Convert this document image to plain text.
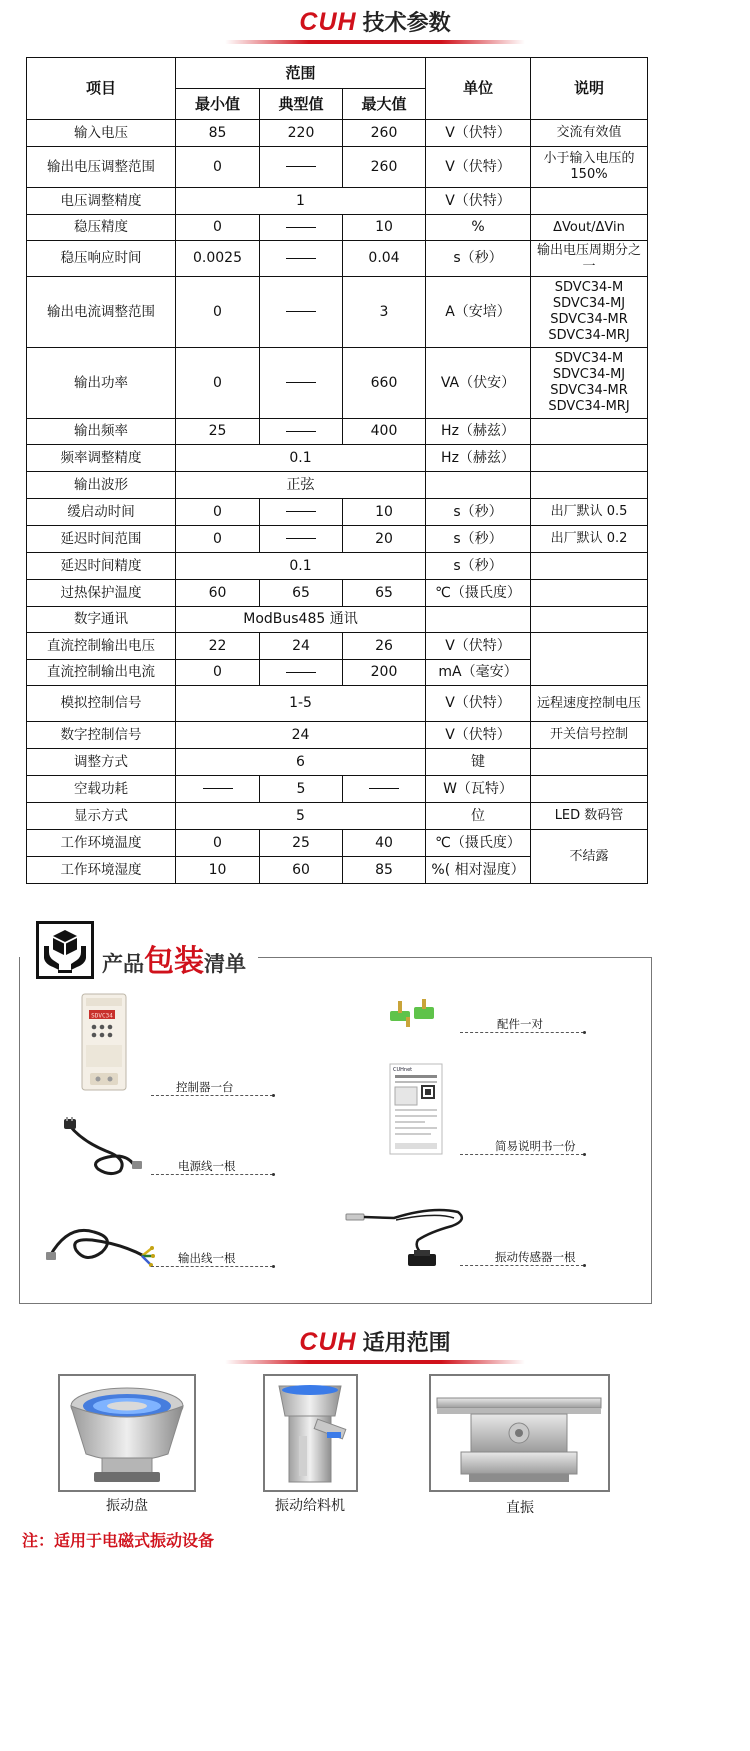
CUH 技术参数
项目	范围			单位	说明
	最小值	典型值	最大值		
输入电压	85	220	260	V（伏特）	交流有效值
输出电压调整范围	0		260	V（伏特）	小于输入电压的150%
电压调整精度	1			V（伏特）	
稳压精度	0		10	%	ΔVout/ΔVin
稳压响应时间	0.0025		0.04	s（秒）	输出电压周期分之一
输出电流调整范围	0		3	A（安培）	SDVC34-M SDVC34-MJ SDVC34-MR SDVC34-MRJ
输出功率	0		660	VA（伏安）	SDVC34-M SDVC34-MJ SDVC34-MR SDVC34-MRJ
输出频率	25		400	Hz（赫兹）	
频率调整精度	0.1			Hz（赫兹）	
输出波形	正弦				
缓启动时间	0		10	s（秒）	出厂默认 0.5
延迟时间范围	0		20	s（秒）	出厂默认 0.2
延迟时间精度	0.1			s（秒）	
过热保护温度	60	65	65	℃（摄氏度）	
数字通讯	ModBus485 通讯				
直流控制输出电压	22	24	26	V（伏特）	
直流控制输出电流	0		200	mA（毫安）	
模拟控制信号	1-5			V（伏特）	远程速度控制电压
数字控制信号	24			V（伏特）	开关信号控制
调整方式	6			键	
空载功耗		5		W（瓦特）	
显示方式	5			位	LED 数码管
工作环境温度	0	25	40	℃（摄氏度）	不结露
工作环境湿度	10	60	85	%( 相对湿度）	
产品包装清单
SDVC34
控制器一台
电源线一根
输出线一根
配件一对
CUHnet
简易说明书一份
振动传感器一根
CUH 适用范围
振动盘	振动给料机	直振
注：适用于电磁式振动设备
